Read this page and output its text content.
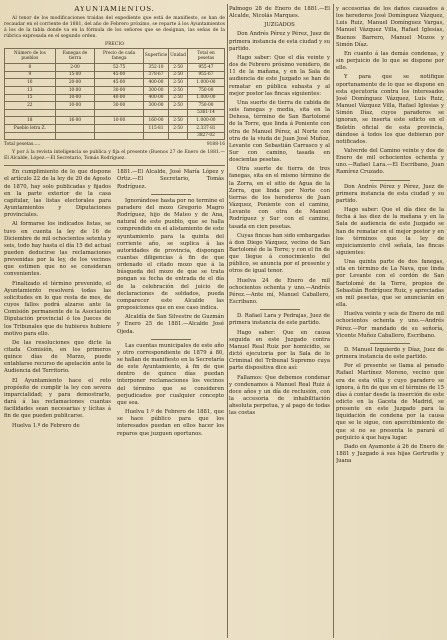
AYUNTAMIENTOS.

Al tenor de los modificaciones traidas del expediente que está de manifiesto, se han de recaudar en el corriente de 1881, del año de Febrero próximo, se reparte á los Ayuntamientos á los de la tabla donde va en la fórmula de los señores que se designan, las señas de la rúbrica expresada en el segundo orden.

PRECIO
Número de los pueblos	Fanegas de tierra	Precio de cada fanega	Superficie	Unidad	Total en pesetas
8	2·00	52·75	352·10	2·50	955·47
9	15·00	45·00	378·67	2·50	955·67
10	20·00	45·00	400·00	2·50	1.000·00
13	10·00	30·00	300·00	2·50	750·00
15	10·00	40·00	400·00	2·50	1.000·00
22	10·00	30·00	300·00	2·50	750·00
					5361·14
18	16·00	10·00	160·00	2·50	1.000·00
Pueblo letra Z.			115·81	2·50	2.337·81
					3827·02
Total pesetas.....	9188·16

Y por á la revista inteligencia se publica y fija el presente (Buenos 27 de Enero de 1881.—El Alcalde, López.—El Secretario, Tomás Rodríguez.

En cumplimiento de lo que dispone el artículo 22 de la ley de 20 de Agosto de 1870, hay solo publicadas y fijados en la parte exterior de la casa capitular, las listas electorales para Ayuntamientos y Diputaciones provinciales.

Al formarse los indicados listas, se tuvo en cuenta la ley de 16 de Diciembre de mil ochocientos setenta y seis, todo hay hasta el día 15 del actual pueden deducirse las reclamaciones prevenidas por la ley, de los vecinos que estimen que no se consideran convenientes.

Finalizado el término prevenido, el Ayuntamiento resolverá todas las solicitudes en lo que resta de mes, de cuyos fallos podrá alzarse ante la Comisión permanente de la Asociación Diputación provincial ó los Jueces de los Tribunales que de hubieres hubiere motivo para ello.

De las resoluciones que dicte la citada Comisión, en los primeros quince días de Marzo, puede entablarse recurso de apelación ante la Audiencia del Territorio.

El Ayuntamiento hace el reto propósito de cumplir la ley con severa imparcialidad; y para demostrarlo, dará á las reclamaciones cuantas facilidades sean necesarias y lícitas á fin de que pueden publicarse.

Huelva 1.º de Febrero de

1881.—El Alcalde, José María López y Ortiz.—El Secretario, Tomás Rodríguez.

Ignorándose hasta por no termine el paradero del mozo Gregorio Magro Rodríguez, hijo de Mateo y de Ana, natural de este pueblo, que se halla comprendido en el alistamiento de este ayuntamiento para la quinta del corriente año, se suplica á las autoridades de provincia, dispongan cuantas diligencias á fin de que ordenado el citado mozo que á la búsqueda del mozo de que se trata pongan su fecha de entrada de el día de la celebración del juicio de declaraciones de soldados, pueda comparecer este Alcalde las proposiciones que en ese caso indica.

Alcaldía de San Silvestre de Guzmán y Enero 25 de 1881.—Alcalde José Ojeda.

Las cuentas municipales de este año y otro correspondiente de 1879 á 80, se hallan de manifiesto en la Secretaría de este Ayuntamiento, á fin de que dentro de quince días puedan interponer reclamaciones los vecinos del término que se consideren perjudicados por cualquier concepto que sea.

Huelva 1.º de Febrero de 1881, que se hace público para que los interesados puedan en ellos hacer los reparos que juzguen oportunos.

Palmogo 28 de Enero de 1881.—El Alcalde, Nicolás Marques.

JUZGADOS

Don Andrés Pérez y Pérez, Juez de primera instancia de esta ciudad y su partido.

Hago saber: Que el día veinte y dos de Febrero próximo venidero, de 11 de la mañana, y en la Sala de audiencia de este Juzgado se han de rematar en pública subasta y al mejor postor las fincas siguientes:

Una suerte de tierra de cabida de seis fanegas y media, sita en la Dehesa, término de San Bartolomé de la Torre, que linda á Poniente con otra de Manuel Pérez, al Norte con otra de la viuda de Juan José Muñoz, Levante con Sebastián Carrasco y al Sur con camino, tasada en doscientas pesetas.

Otra suerte de tierra de tres fanegas, sita en el mismo término de la Zorra, en el sitio de Agua de la Zorra, que linda por Norte con tierras de los herederos de Juan Vázquez, Poniente con el camino, Levante con otra de Manuel Rodríguez y Sur con el camino, tasada en cien pesetas.

Cuyas fincas han sido embargadas á don Diego Vázquez, vecino de San Bartolomé de la Torre; y con el fin de que llegue á conocimiento del público, se anuncia por el presente y otros de igual tenor.

Huelva 24 de Enero de mil ochocientos ochenta y uno.—Andrés Pérez.—Ante mí, Manuel Caballero, Escribano.

D. Rafael Lara y Pedrajas, Juez de primera instancia de este partido.

Hago saber: Que en causa seguida en este Juzgado contra Manuel Real Ruiz por homicidio, se dictó ejecutoria por la Sala de lo Criminal del Tribunal Supremo cuya parte dispositiva dice así:

Fallamos: Que debemos condenar y condenamos á Manuel Real Ruiz á doce años y un día de reclusión, con la accesoria de inhabilitación absoluta perpetua, y al pago de todas las costas

y accesorias de los daños causados á los herederos José Domínguez Vázquez, Luis Ruiz, Manuel Domínguez Vargas, Manuel Vázquez Villa, Rafael Iglesias, Buenos Barrero, Manuel Mozos y Simón Díaz.

En cuanto á las demás condenas, y sin perjuicio de lo que se dispone por ello.

Y para que se notifique oportunamente de lo que se dispone en esta ejecutoria contra los interesados José Domínguez Vázquez, Luis Ruiz, Manuel Vázquez Villa, Rafael Iglesias y Simón Díaz, cuyos paraderos se ignoran, se inserta este edicto en el Boletín oficial de esta provincia, dándose á todos los que debieran por notificados.

Valverde del Camino veinte y dos de Enero de mil ochocientos ochenta y uno.—Rafael Lara.—El Escribano, Juan Ramírez Cruzado.

Don Andrés Pérez y Pérez, Juez de primera instancia de esta ciudad y su partido.

Hago saber: Que el día diez de la fecha á las diez de la mañana y en la Sala de audiencia de este Juzgado se han de rematar en el mejor postor y en los términos que la ley de enjuiciamiento civil señala, las fincas siguientes:

Una quinta parte de dos fanegas, sita en término de La Nava, que linda por Levante con el cordón de San Bartolomé de la Torre, propios de Sebastián Rodríguez Ruiz, y apreciadas en mil pesetas, que se anunciarán en ella.

Huelva veinte y seis de Enero de mil ochocientos ochenta y uno.—Andrés Pérez.—Por mandado de su señoría, Vicente Muñoz Caballero, Escribano.

D. Manuel Izquierdo y Díaz, Juez de primera instancia de este partido.

Por el presente se llama al penado Rafael Martínez Moreno, vecino que era de esta villa y cuyo paradero se ignora, á fin de que en el término de 15 días á contar desde la inserción de este edicto en la Gaceta de Madrid, se presente en este Juzgado para la liquidación de condena por la causa que se le sigue, con apercibimiento de que si no se presenta le parará el perjuicio á que haya lugar.

Dado en Ayamonte á 26 de Enero de 1881 y Juzgado á sus hijas Gertrudis y Juana
